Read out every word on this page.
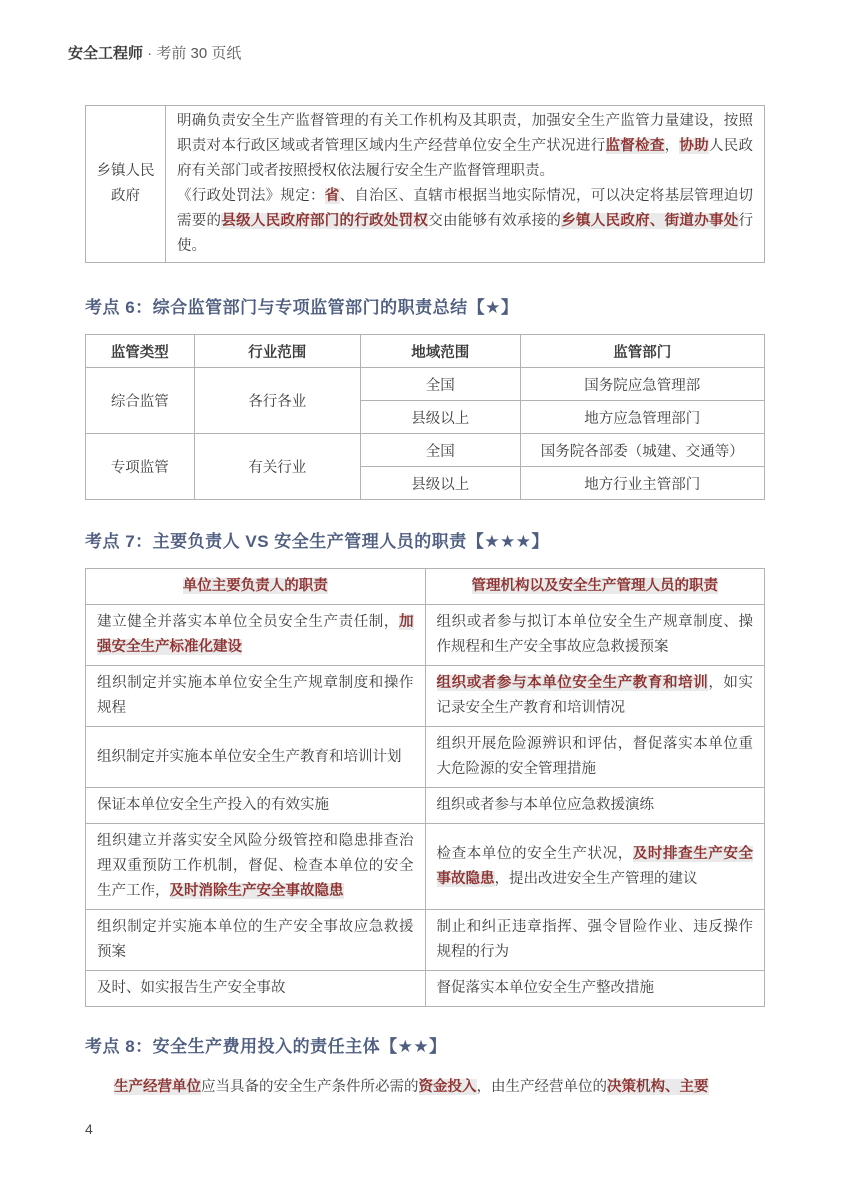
安全工程师 · 考前 30 页纸
乡镇人民政府	

明确负责安全生产监督管理的有关工作机构及其职责，加强安全生产监管力量建设，按照职责对本行政区域或者管理区域内生产经营单位安全生产状况进行监督检查，协助人民政府有关部门或者按照授权依法履行安全生产监督管理职责。

《行政处罚法》规定：省、自治区、直辖市根据当地实际情况，可以决定将基层管理迫切需要的县级人民政府部门的行政处罚权交由能够有效承接的乡镇人民政府、街道办事处行使。

考点 6：综合监管部门与专项监管部门的职责总结【★】
监管类型	行业范围	地域范围	监管部门
综合监管	各行各业	全国	国务院应急管理部
		县级以上	地方应急管理部门
专项监管	有关行业	全国	国务院各部委（城建、交通等）
		县级以上	地方行业主管部门
考点 7：主要负责人 VS 安全生产管理人员的职责【★★★】
单位主要负责人的职责	管理机构以及安全生产管理人员的职责
建立健全并落实本单位全员安全生产责任制，加强安全生产标准化建设	组织或者参与拟订本单位安全生产规章制度、操作规程和生产安全事故应急救援预案
组织制定并实施本单位安全生产规章制度和操作规程	组织或者参与本单位安全生产教育和培训，如实记录安全生产教育和培训情况
组织制定并实施本单位安全生产教育和培训计划	组织开展危险源辨识和评估，督促落实本单位重大危险源的安全管理措施
保证本单位安全生产投入的有效实施	组织或者参与本单位应急救援演练
组织建立并落实安全风险分级管控和隐患排查治理双重预防工作机制，督促、检查本单位的安全生产工作，及时消除生产安全事故隐患	检查本单位的安全生产状况，及时排查生产安全事故隐患，提出改进安全生产管理的建议
组织制定并实施本单位的生产安全事故应急救援预案	制止和纠正违章指挥、强令冒险作业、违反操作规程的行为
及时、如实报告生产安全事故	督促落实本单位安全生产整改措施
考点 8：安全生产费用投入的责任主体【★★】

生产经营单位应当具备的安全生产条件所必需的资金投入，由生产经营单位的决策机构、主要

4
